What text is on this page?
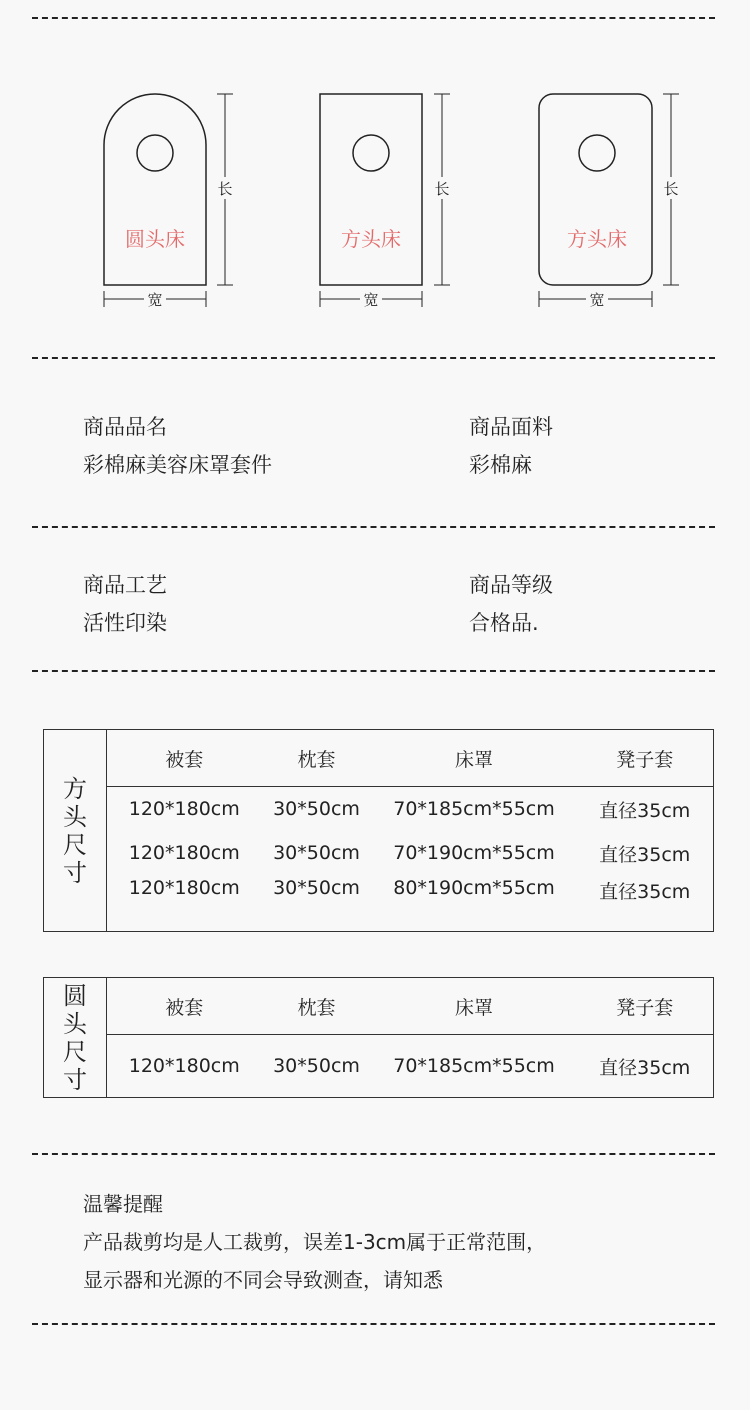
圆头床
长
宽
方头床
长
宽
方头床
长
宽
商品品名
彩棉麻美容床罩套件
商品面料
彩棉麻
商品工艺
活性印染
商品等级
合格品.
方头尺寸	被套	枕套	床罩	凳子套
	120*180cm	30*50cm	70*185cm*55cm	直径35cm
	120*180cm	30*50cm	70*190cm*55cm	直径35cm
	120*180cm	30*50cm	80*190cm*55cm	直径35cm
圆头尺寸	被套	枕套	床罩	凳子套
	120*180cm	30*50cm	70*185cm*55cm	直径35cm
温馨提醒
产品裁剪均是人工裁剪，误差1-3cm属于正常范围，
显示器和光源的不同会导致测查，请知悉
